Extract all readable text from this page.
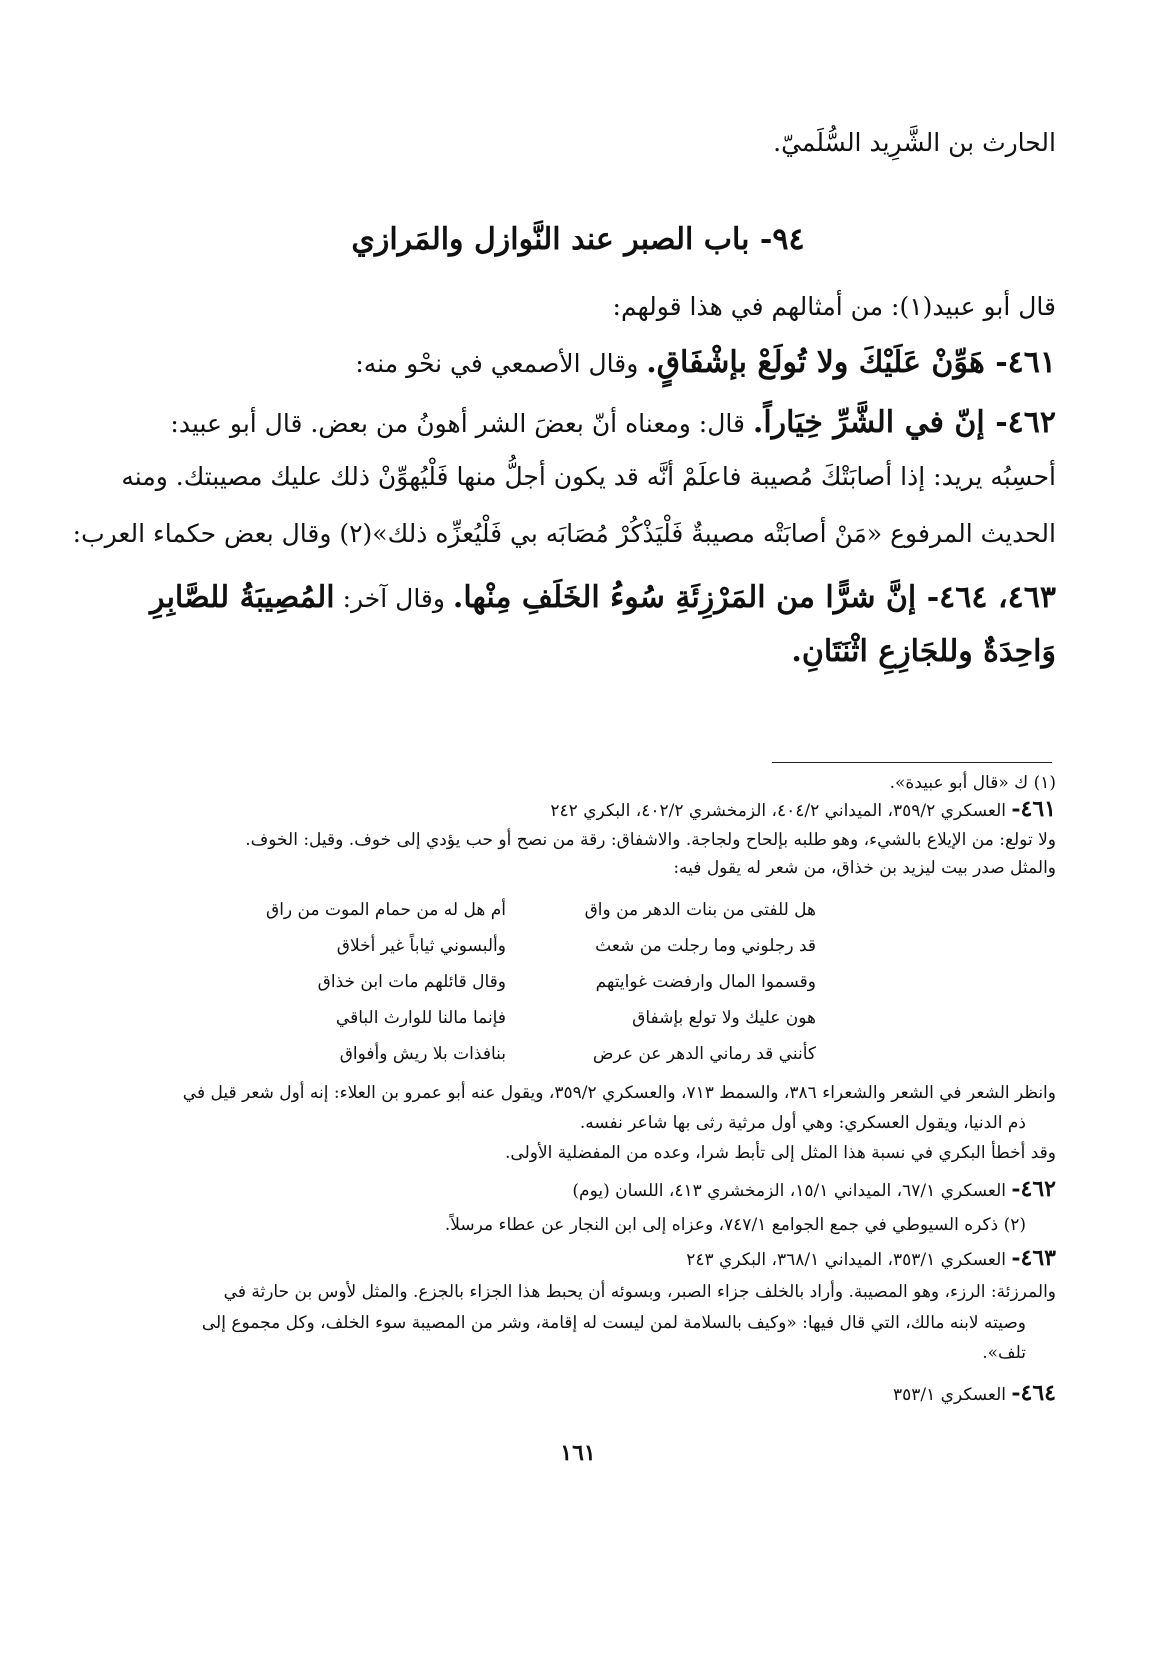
الحارث بن الشَّرِيد السُّلَميّ.
٩٤- باب الصبر عند النَّوازل والمَرازي
قال أبو عبيد(١): من أمثالهم في هذا قولهم:
٤٦١- هَوِّنْ عَلَيْكَ ولا تُولَعْ بإشْفَاقٍ. وقال الأصمعي في نحْو منه:
٤٦٢- إنّ في الشَّرِّ خِيَاراً. قال: ومعناه أنّ بعضَ الشر أهونُ من بعض. قال أبو عبيد:
أحسِبُه يريد: إذا أصابَتْكَ مُصيبة فاعلَمْ أنَّه قد يكون أجلُّ منها فَلْيُهوِّنْ ذلك عليك مصيبتك. ومنه
الحديث المرفوع «مَنْ أصابَتْه مصيبةٌ فَلْيَذْكُرْ مُصَابَه بي فَلْيُعزِّه ذلك»(٢) وقال بعض حكماء العرب:
٤٦٣، ٤٦٤- إنَّ شرًّا من المَرْزِئَةِ سُوءُ الخَلَفِ مِنْها. وقال آخر: المُصِيبَةُ للصَّابِرِ
وَاحِدَةٌ وللجَازِعِ اثْنَتَانِ.
(١) ك «قال أبو عبيدة».
٤٦١- العسكري ٣٥٩/٢، الميداني ٤٠٤/٢، الزمخشري ٤٠٢/٢، البكري ٢٤٢
ولا تولع: من الإيلاع بالشيء، وهو طلبه بإلحاح ولجاجة. والاشفاق: رقة من نصح أو حب يؤدي إلى خوف. وقيل: الخوف.
والمثل صدر بيت ليزيد بن خذاق، من شعر له يقول فيه:
هل للفتى من بنات الدهر من واق
أم هل له من حمام الموت من راق
قد رجلوني وما رجلت من شعث
وألبسوني ثياباً غير أخلاق
وقسموا المال وارفضت غوايتهم
وقال قائلهم مات ابن خذاق
هون عليك ولا تولع بإشفاق
فإنما مالنا للوارث الباقي
كأنني قد رماني الدهر عن عرض
بنافذات بلا ريش وأفواق
وانظر الشعر في الشعر والشعراء ٣٨٦، والسمط ٧١٣، والعسكري ٣٥٩/٢، ويقول عنه أبو عمرو بن العلاء: إنه أول شعر قيل في
ذم الدنيا، ويقول العسكري: وهي أول مرثية رثى بها شاعر نفسه.
وقد أخطأ البكري في نسبة هذا المثل إلى تأبط شرا، وعده من المفضلية الأولى.
٤٦٢- العسكري ٦٧/١، الميداني ١٥/١، الزمخشري ٤١٣، اللسان (يوم)
(٢) ذكره السيوطي في جمع الجوامع ٧٤٧/١، وعزاه إلى ابن النجار عن عطاء مرسلاً.
٤٦٣- العسكري ٣٥٣/١، الميداني ٣٦٨/١، البكري ٢٤٣
والمرزئة: الرزء، وهو المصيبة. وأراد بالخلف جزاء الصبر، وبسوئه أن يحبط هذا الجزاء بالجزع. والمثل لأوس بن حارثة في
وصيته لابنه مالك، التي قال فيها: «وكيف بالسلامة لمن ليست له إقامة، وشر من المصيبة سوء الخلف، وكل مجموع إلى
تلف».
٤٦٤- العسكري ٣٥٣/١
١٦١
